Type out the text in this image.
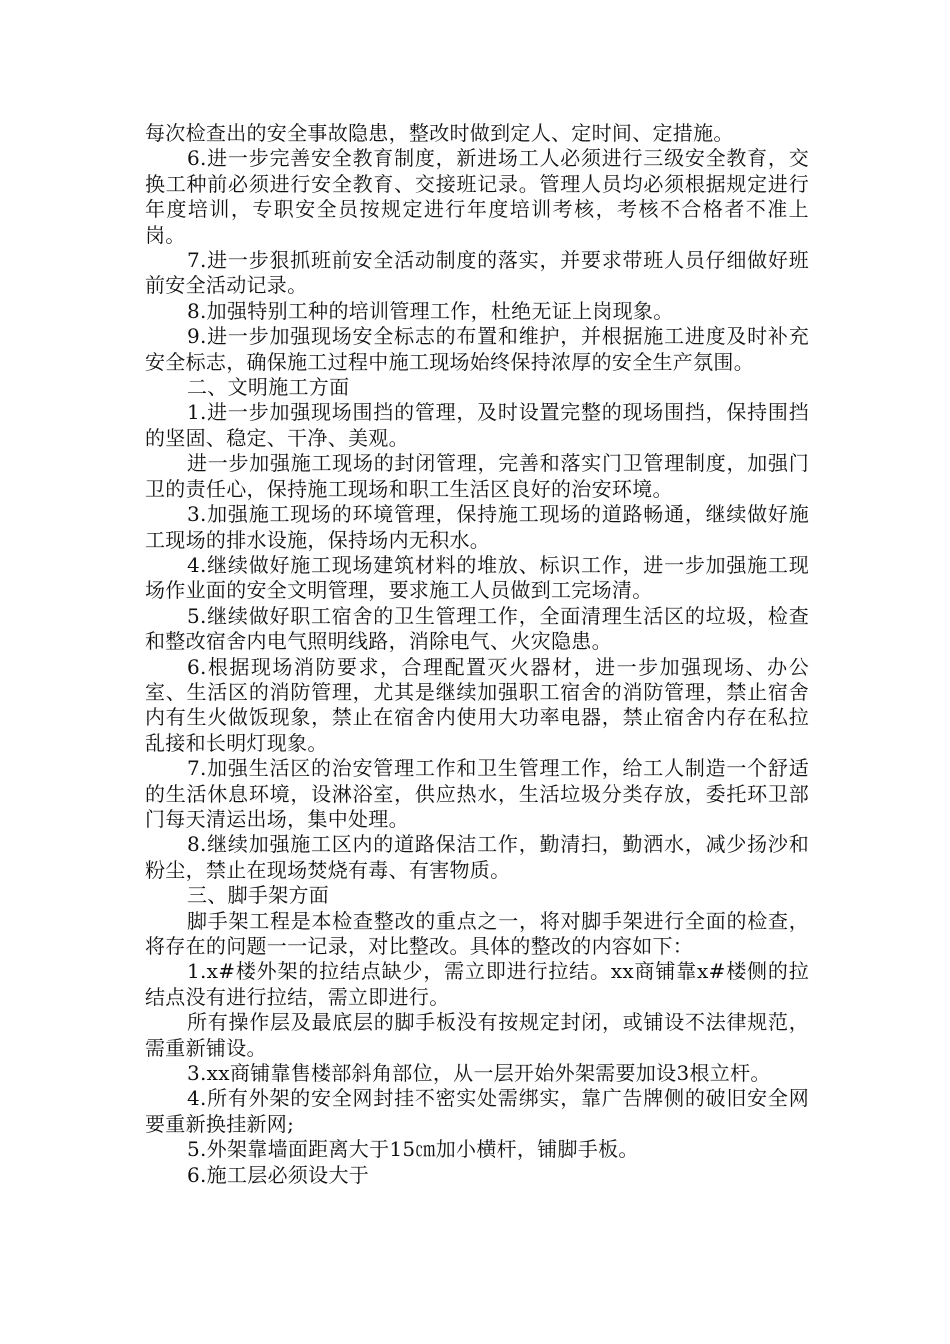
每次检查出的安全事故隐患，整改时做到定人、定时间、定措施。

6.进一步完善安全教育制度，新进场工人必须进行三级安全教育，交换工种前必须进行安全教育、交接班记录。管理人员均必须根据规定进行年度培训，专职安全员按规定进行年度培训考核，考核不合格者不准上岗。

7.进一步狠抓班前安全活动制度的落实，并要求带班人员仔细做好班前安全活动记录。

8.加强特别工种的培训管理工作，杜绝无证上岗现象。

9.进一步加强现场安全标志的布置和维护，并根据施工进度及时补充安全标志，确保施工过程中施工现场始终保持浓厚的安全生产氛围。

二、文明施工方面

1.进一步加强现场围挡的管理，及时设置完整的现场围挡，保持围挡的坚固、稳定、干净、美观。

进一步加强施工现场的封闭管理，完善和落实门卫管理制度，加强门卫的责任心，保持施工现场和职工生活区良好的治安环境。

3.加强施工现场的环境管理，保持施工现场的道路畅通，继续做好施工现场的排水设施，保持场内无积水。

4.继续做好施工现场建筑材料的堆放、标识工作，进一步加强施工现场作业面的安全文明管理，要求施工人员做到工完场清。

5.继续做好职工宿舍的卫生管理工作，全面清理生活区的垃圾，检查和整改宿舍内电气照明线路，消除电气、火灾隐患。

6.根据现场消防要求，合理配置灭火器材，进一步加强现场、办公室、生活区的消防管理，尤其是继续加强职工宿舍的消防管理，禁止宿舍内有生火做饭现象，禁止在宿舍内使用大功率电器，禁止宿舍内存在私拉乱接和长明灯现象。

7.加强生活区的治安管理工作和卫生管理工作，给工人制造一个舒适的生活休息环境，设淋浴室，供应热水，生活垃圾分类存放，委托环卫部门每天清运出场，集中处理。

8.继续加强施工区内的道路保洁工作，勤清扫，勤洒水，减少扬沙和粉尘，禁止在现场焚烧有毒、有害物质。

三、脚手架方面

脚手架工程是本检查整改的重点之一，将对脚手架进行全面的检查，将存在的问题一一记录，对比整改。具体的整改的内容如下：

1.x#楼外架的拉结点缺少，需立即进行拉结。xx商铺靠x#楼侧的拉结点没有进行拉结，需立即进行。

所有操作层及最底层的脚手板没有按规定封闭，或铺设不法律规范，需重新铺设。

3.xx商铺靠售楼部斜角部位，从一层开始外架需要加设3根立杆。

4.所有外架的安全网封挂不密实处需绑实，靠广告牌侧的破旧安全网要重新换挂新网;

5.外架靠墙面距离大于15㎝加小横杆，铺脚手板。

6.施工层必须设大于
